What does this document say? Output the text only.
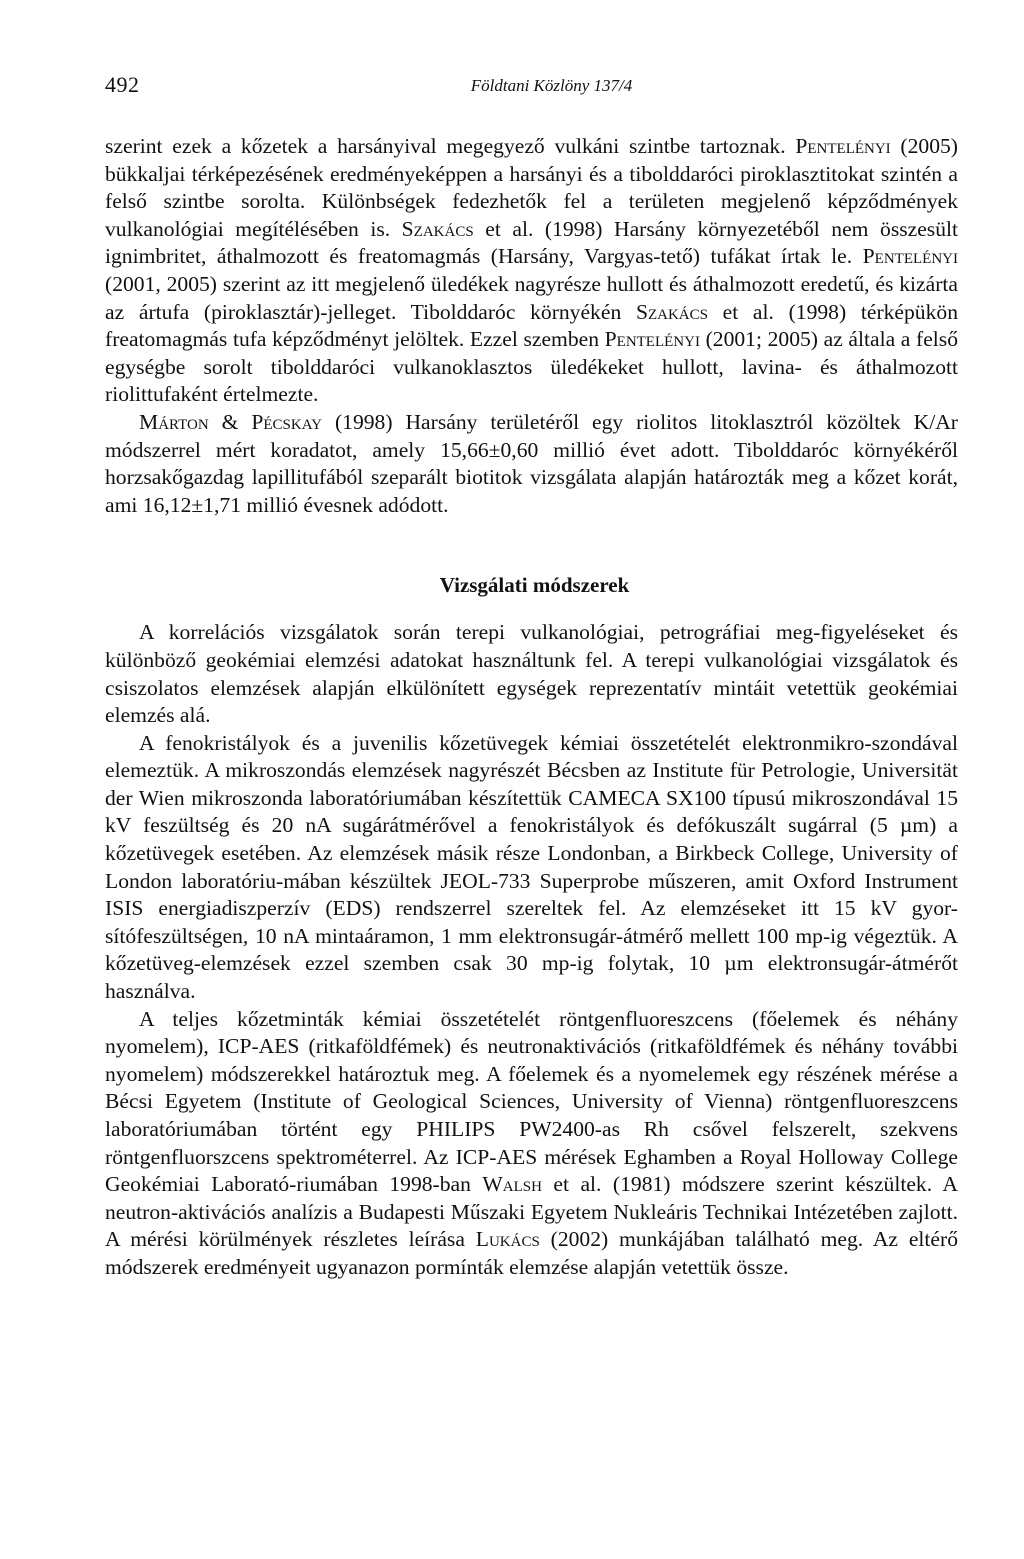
492	Földtani Közlöny 137/4

szerint ezek a kőzetek a harsányival megegyező vulkáni szintbe tartoznak. Pentelényi (2005) bükkaljai térképezésének eredményeképpen a harsányi és a tibolddaróci piroklasztitokat szintén a felső szintbe sorolta. Különbségek fedezhetők fel a területen megjelenő képződmények vulkanológiai megítélésében is. Szakács et al. (1998) Harsány környezetéből nem összesült ignimbritet, áthalmozott és freatomagmás (Harsány, Vargyas-tető) tufákat írtak le. Pentelényi (2001, 2005) szerint az itt megjelenő üledékek nagyrésze hullott és áthalmozott eredetű, és kizárta az ártufa (piroklasztár)-jelleget. Tibolddaróc környékén Szakács et al. (1998) térképükön freatomagmás tufa képződményt jelöltek. Ezzel szemben Pentelényi (2001; 2005) az általa a felső egységbe sorolt tibolddaróci vulkanoklasztos üledékeket hullott, lavina- és áthalmozott riolittufaként értelmezte.

Márton & Pécskay (1998) Harsány területéről egy riolitos litoklasztról közöltek K/Ar módszerrel mért koradatot, amely 15,66±0,60 millió évet adott. Tibolddaróc környékéről horzsakőgazdag lapillitufából szeparált biotitok vizsgálata alapján határozták meg a kőzet korát, ami 16,12±1,71 millió évesnek adódott.

Vizsgálati módszerek

A korrelációs vizsgálatok során terepi vulkanológiai, petrográfiai meg-figyeléseket és különböző geokémiai elemzési adatokat használtunk fel. A terepi vulkanológiai vizsgálatok és csiszolatos elemzések alapján elkülönített egységek reprezentatív mintáit vetettük geokémiai elemzés alá.

A fenokristályok és a juvenilis kőzetüvegek kémiai összetételét elektronmikro-szondával elemeztük. A mikroszondás elemzések nagyrészét Bécsben az Institute für Petrologie, Universität der Wien mikroszonda laboratóriumában készítettük CAMECA SX100 típusú mikroszondával 15 kV feszültség és 20 nA sugárátmérővel a fenokristályok és defókuszált sugárral (5 µm) a kőzetüvegek esetében. Az elemzések másik része Londonban, a Birkbeck College, University of London laboratóriu-mában készültek JEOL-733 Superprobe műszeren, amit Oxford Instrument ISIS energiadiszperzív (EDS) rendszerrel szereltek fel. Az elemzéseket itt 15 kV gyor-sítófeszültségen, 10 nA mintaáramon, 1 mm elektronsugár-átmérő mellett 100 mp-ig végeztük. A kőzetüveg-elemzések ezzel szemben csak 30 mp-ig folytak, 10 µm elektronsugár-átmérőt használva.

A teljes kőzetminták kémiai összetételét röntgenfluoreszcens (főelemek és néhány nyomelem), ICP-AES (ritkaföldfémek) és neutronaktivációs (ritkaföldfémek és néhány további nyomelem) módszerekkel határoztuk meg. A főelemek és a nyomelemek egy részének mérése a Bécsi Egyetem (Institute of Geological Sciences, University of Vienna) röntgenfluoreszcens laboratóriumában történt egy PHILIPS PW2400-as Rh csővel felszerelt, szekvens röntgenfluorszcens spektrométerrel. Az ICP-AES mérések Eghamben a Royal Holloway College Geokémiai Laborató-riumában 1998-ban Walsh et al. (1981) módszere szerint készültek. A neutron-aktivációs analízis a Budapesti Műszaki Egyetem Nukleáris Technikai Intézetében zajlott. A mérési körülmények részletes leírása Lukács (2002) munkájában található meg. Az eltérő módszerek eredményeit ugyanazon pormínták elemzése alapján vetettük össze.
